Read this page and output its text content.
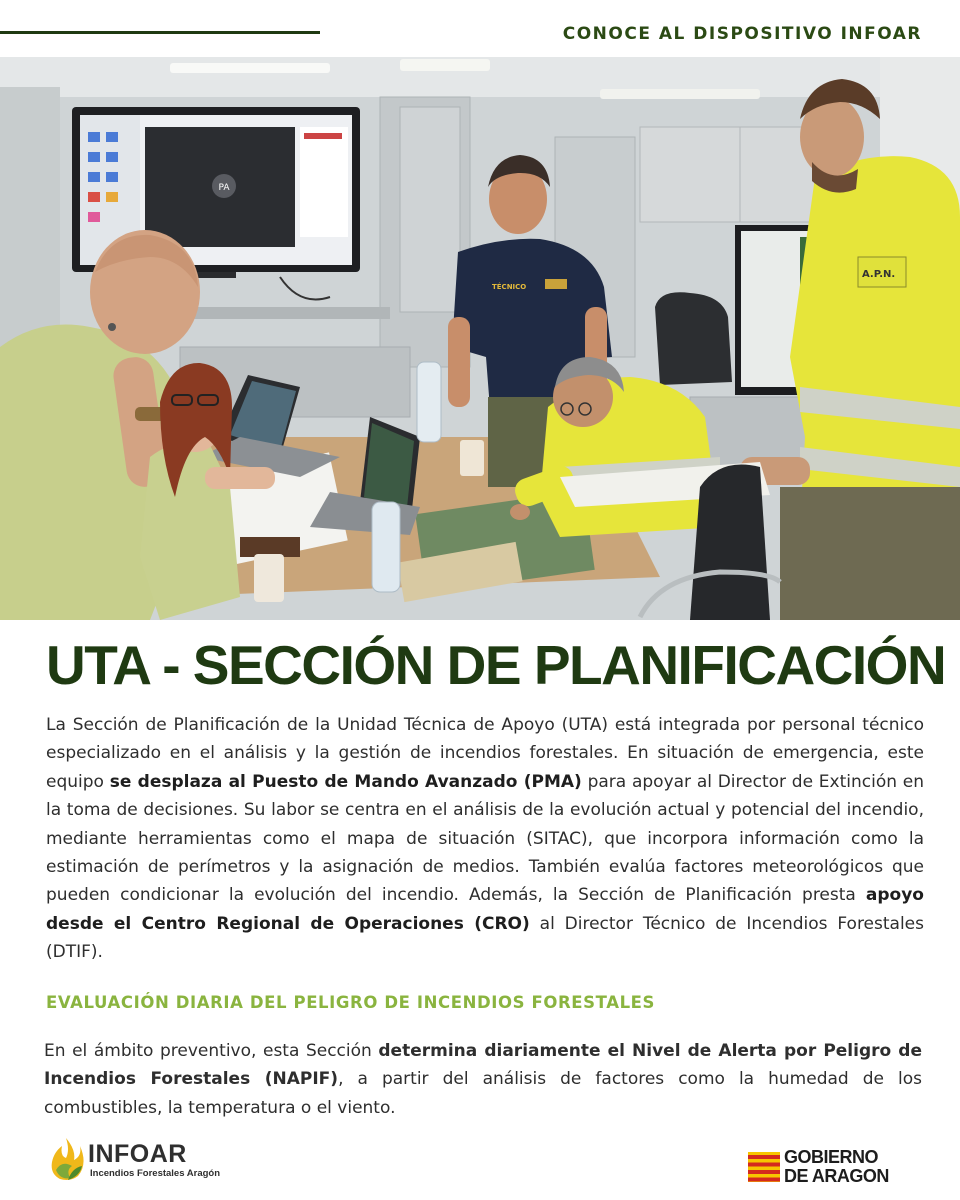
CONOCE AL DISPOSITIVO INFOAR

PA
TÉCNICO
A.P.N.
UTA - SECCIÓN DE PLANIFICACIÓN

La Sección de Planificación de la Unidad Técnica de Apoyo (UTA) está integrada por personal técnico especializado en el análisis y la gestión de incendios forestales. En situación de emergencia, este equipo se desplaza al Puesto de Mando Avanzado (PMA) para apoyar al Director de Extinción en la toma de decisiones. Su labor se centra en el análisis de la evolución actual y potencial del incendio, mediante herramientas como el mapa de situación (SITAC), que incorpora información como la estimación de perímetros y la asignación de medios. También evalúa factores meteorológicos que pueden condicionar la evolución del incendio. Además, la Sección de Planificación presta apoyo desde el Centro Regional de Operaciones (CRO) al Director Técnico de Incendios Forestales (DTIF).

EVALUACIÓN DIARIA DEL PELIGRO DE INCENDIOS FORESTALES

En el ámbito preventivo, esta Sección determina diariamente el Nivel de Alerta por Peligro de Incendios Forestales (NAPIF), a partir del análisis de factores como la humedad de los combustibles, la temperatura o el viento.

INFOAR

Incendios Forestales Aragón

GOBIERNO
DE ARAGON
